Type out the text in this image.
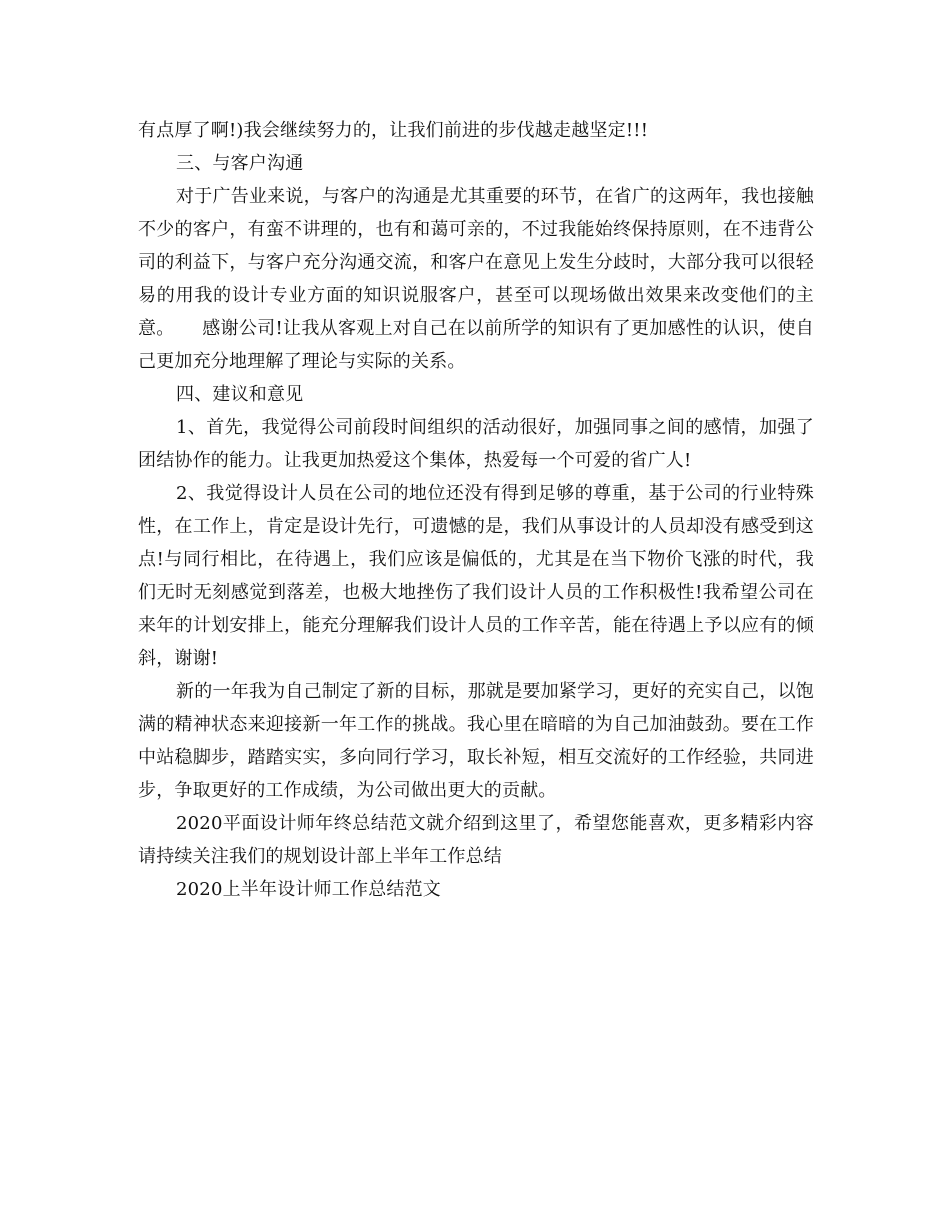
有点厚了啊!)我会继续努力的，让我们前进的步伐越走越坚定!!!

三、与客户沟通

对于广告业来说，与客户的沟通是尤其重要的环节，在省广的这两年，我也接触不少的客户，有蛮不讲理的，也有和蔼可亲的，不过我能始终保持原则，在不违背公司的利益下，与客户充分沟通交流，和客户在意见上发生分歧时，大部分我可以很轻易的用我的设计专业方面的知识说服客户，甚至可以现场做出效果来改变他们的主意。　　感谢公司!让我从客观上对自己在以前所学的知识有了更加感性的认识，使自己更加充分地理解了理论与实际的关系。

四、建议和意见

1、首先，我觉得公司前段时间组织的活动很好，加强同事之间的感情，加强了团结协作的能力。让我更加热爱这个集体，热爱每一个可爱的省广人!

2、我觉得设计人员在公司的地位还没有得到足够的尊重，基于公司的行业特殊性，在工作上，肯定是设计先行，可遗憾的是，我们从事设计的人员却没有感受到这点!与同行相比，在待遇上，我们应该是偏低的，尤其是在当下物价飞涨的时代，我们无时无刻感觉到落差，也极大地挫伤了我们设计人员的工作积极性!我希望公司在来年的计划安排上，能充分理解我们设计人员的工作辛苦，能在待遇上予以应有的倾斜，谢谢!

新的一年我为自己制定了新的目标，那就是要加紧学习，更好的充实自己，以饱满的精神状态来迎接新一年工作的挑战。我心里在暗暗的为自己加油鼓劲。要在工作中站稳脚步，踏踏实实，多向同行学习，取长补短，相互交流好的工作经验，共同进步，争取更好的工作成绩，为公司做出更大的贡献。

2020平面设计师年终总结范文就介绍到这里了，希望您能喜欢，更多精彩内容请持续关注我们的规划设计部上半年工作总结

2020上半年设计师工作总结范文
